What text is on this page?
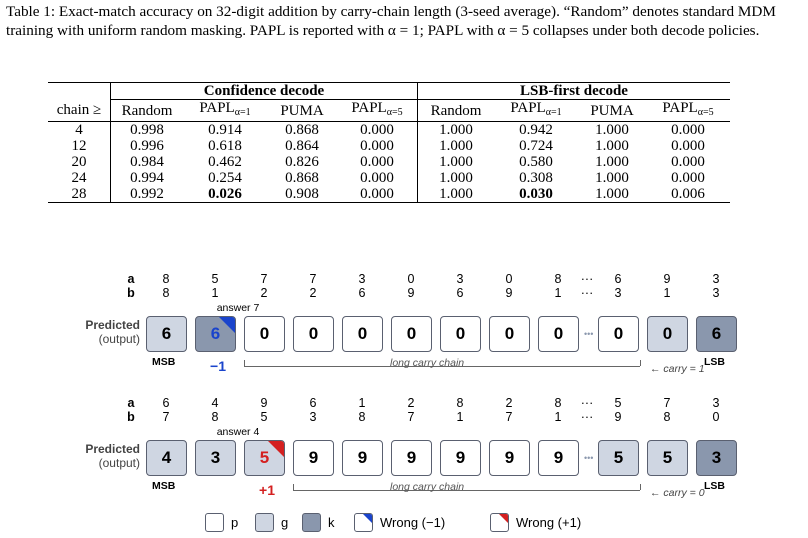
Table 1: Exact-match accuracy on 32-digit addition by carry-chain length (3-seed average). “Random” denotes standard MDM training with uniform random masking. PAPL is reported with α = 1; PAPL with α = 5 collapses under both decode policies.
	Confidence decode				LSB-first decode			
chain ≥	Random	$PAPL_{\alpha=1}$	PUMA	$PAPL_{\alpha=5}$	Random	$PAPL_{\alpha=1}$	PUMA	$PAPL_{\alpha=5}$
4	0.998	0.914	0.868	0.000	1.000	0.942	1.000	0.000
12	0.996	0.618	0.864	0.000	1.000	0.724	1.000	0.000
20	0.984	0.462	0.826	0.000	1.000	0.580	1.000	0.000
24	0.994	0.254	0.868	0.000	1.000	0.308	1.000	0.000
28	0.992	0.026	0.908	0.000	1.000	0.030	1.000	0.006
a
b
8	5	7	7	3	0	3	0	8	6	9	3
8	1	2	2	6	9	6	9	1	3	1	3
···
···
answer 7
Predicted
(output) 6 6 0 0 0 0 0 0 0	0 0 6
•••
MSB	LSB
−1	long carry chain	← carry = 1
a
b
6	4	9	6	1	2	8	2	8	5	7	3
7	8	5	3	8	7	1	7	1	9	8	0
···
···
answer 4
Predicted
(output) 4 3 5 9 9 9 9 9 9	5 5 3
•••
MSB	LSB
+1	long carry chain	← carry = 0
p	g	k	Wrong (−1)	Wrong (+1)
